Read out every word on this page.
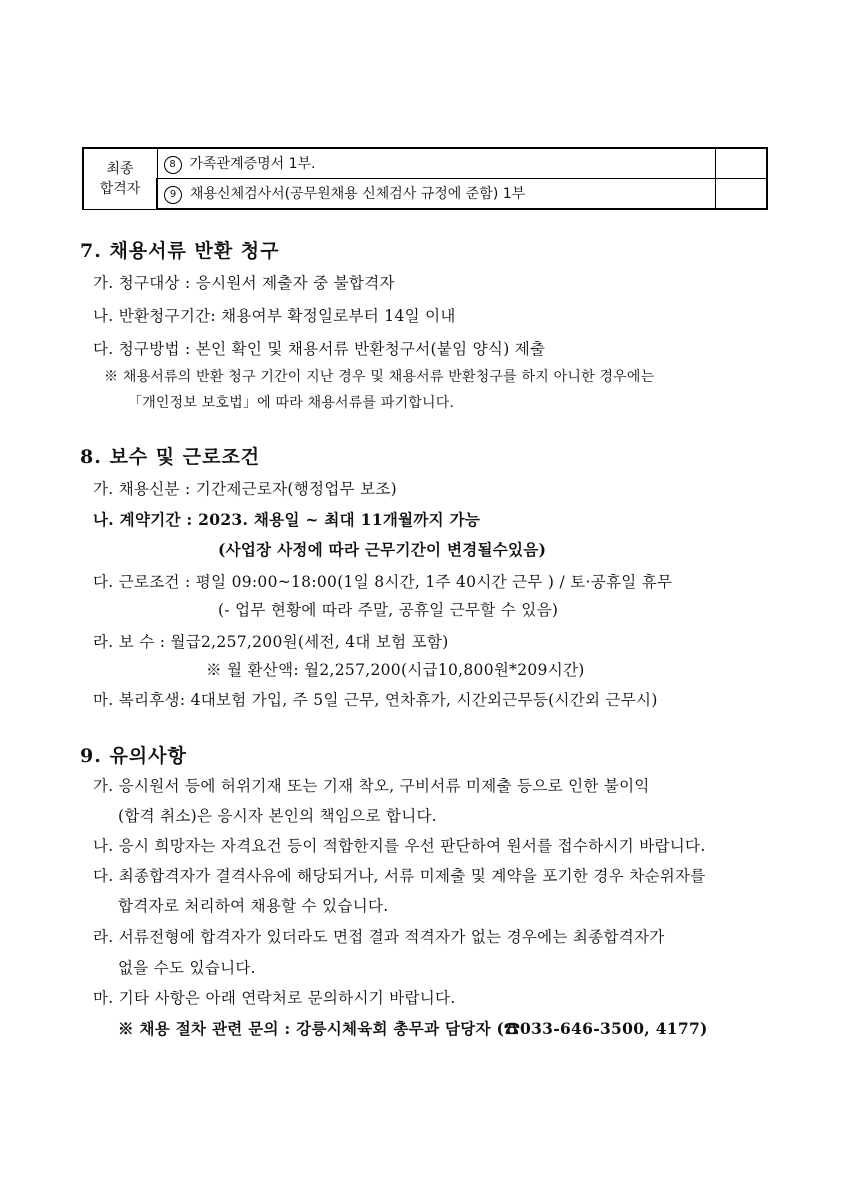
최종
합격자	8 가족관계증명서 1부.	
	9 채용신체검사서(공무원채용 신체검사 규정에 준함) 1부	
7. 채용서류 반환 청구
가. 청구대상 : 응시원서 제출자 중 불합격자
나. 반환청구기간: 채용여부 확정일로부터 14일 이내
다. 청구방법 : 본인 확인 및 채용서류 반환청구서(붙임 양식) 제출
※ 채용서류의 반환 청구 기간이 지난 경우 및 채용서류 반환청구를 하지 아니한 경우에는
「개인정보 보호법」에 따라 채용서류를 파기합니다.
8. 보수 및 근로조건
가. 채용신분 : 기간제근로자(행정업무 보조)
나. 계약기간 : 2023. 채용일 ~ 최대 11개월까지 가능
(사업장 사정에 따라 근무기간이 변경될수있음)
다. 근로조건 : 평일 09:00~18:00(1일 8시간, 1주 40시간 근무 ) / 토·공휴일 휴무
(- 업무 현황에 따라 주말, 공휴일 근무할 수 있음)
라. 보 수 : 월급2,257,200원(세전, 4대 보험 포함)
※ 월 환산액: 월2,257,200(시급10,800원*209시간)
마. 복리후생: 4대보험 가입, 주 5일 근무, 연차휴가, 시간외근무등(시간외 근무시)
9. 유의사항
가. 응시원서 등에 허위기재 또는 기재 착오, 구비서류 미제출 등으로 인한 불이익
(합격 취소)은 응시자 본인의 책임으로 합니다.
나. 응시 희망자는 자격요건 등이 적합한지를 우선 판단하여 원서를 접수하시기 바랍니다.
다. 최종합격자가 결격사유에 해당되거나, 서류 미제출 및 계약을 포기한 경우 차순위자를
합격자로 처리하여 채용할 수 있습니다.
라. 서류전형에 합격자가 있더라도 면접 결과 적격자가 없는 경우에는 최종합격자가
없을 수도 있습니다.
마. 기타 사항은 아래 연락처로 문의하시기 바랍니다.
※ 채용 절차 관련 문의 : 강릉시체육회 총무과 담당자 (☎033-646-3500, 4177)
